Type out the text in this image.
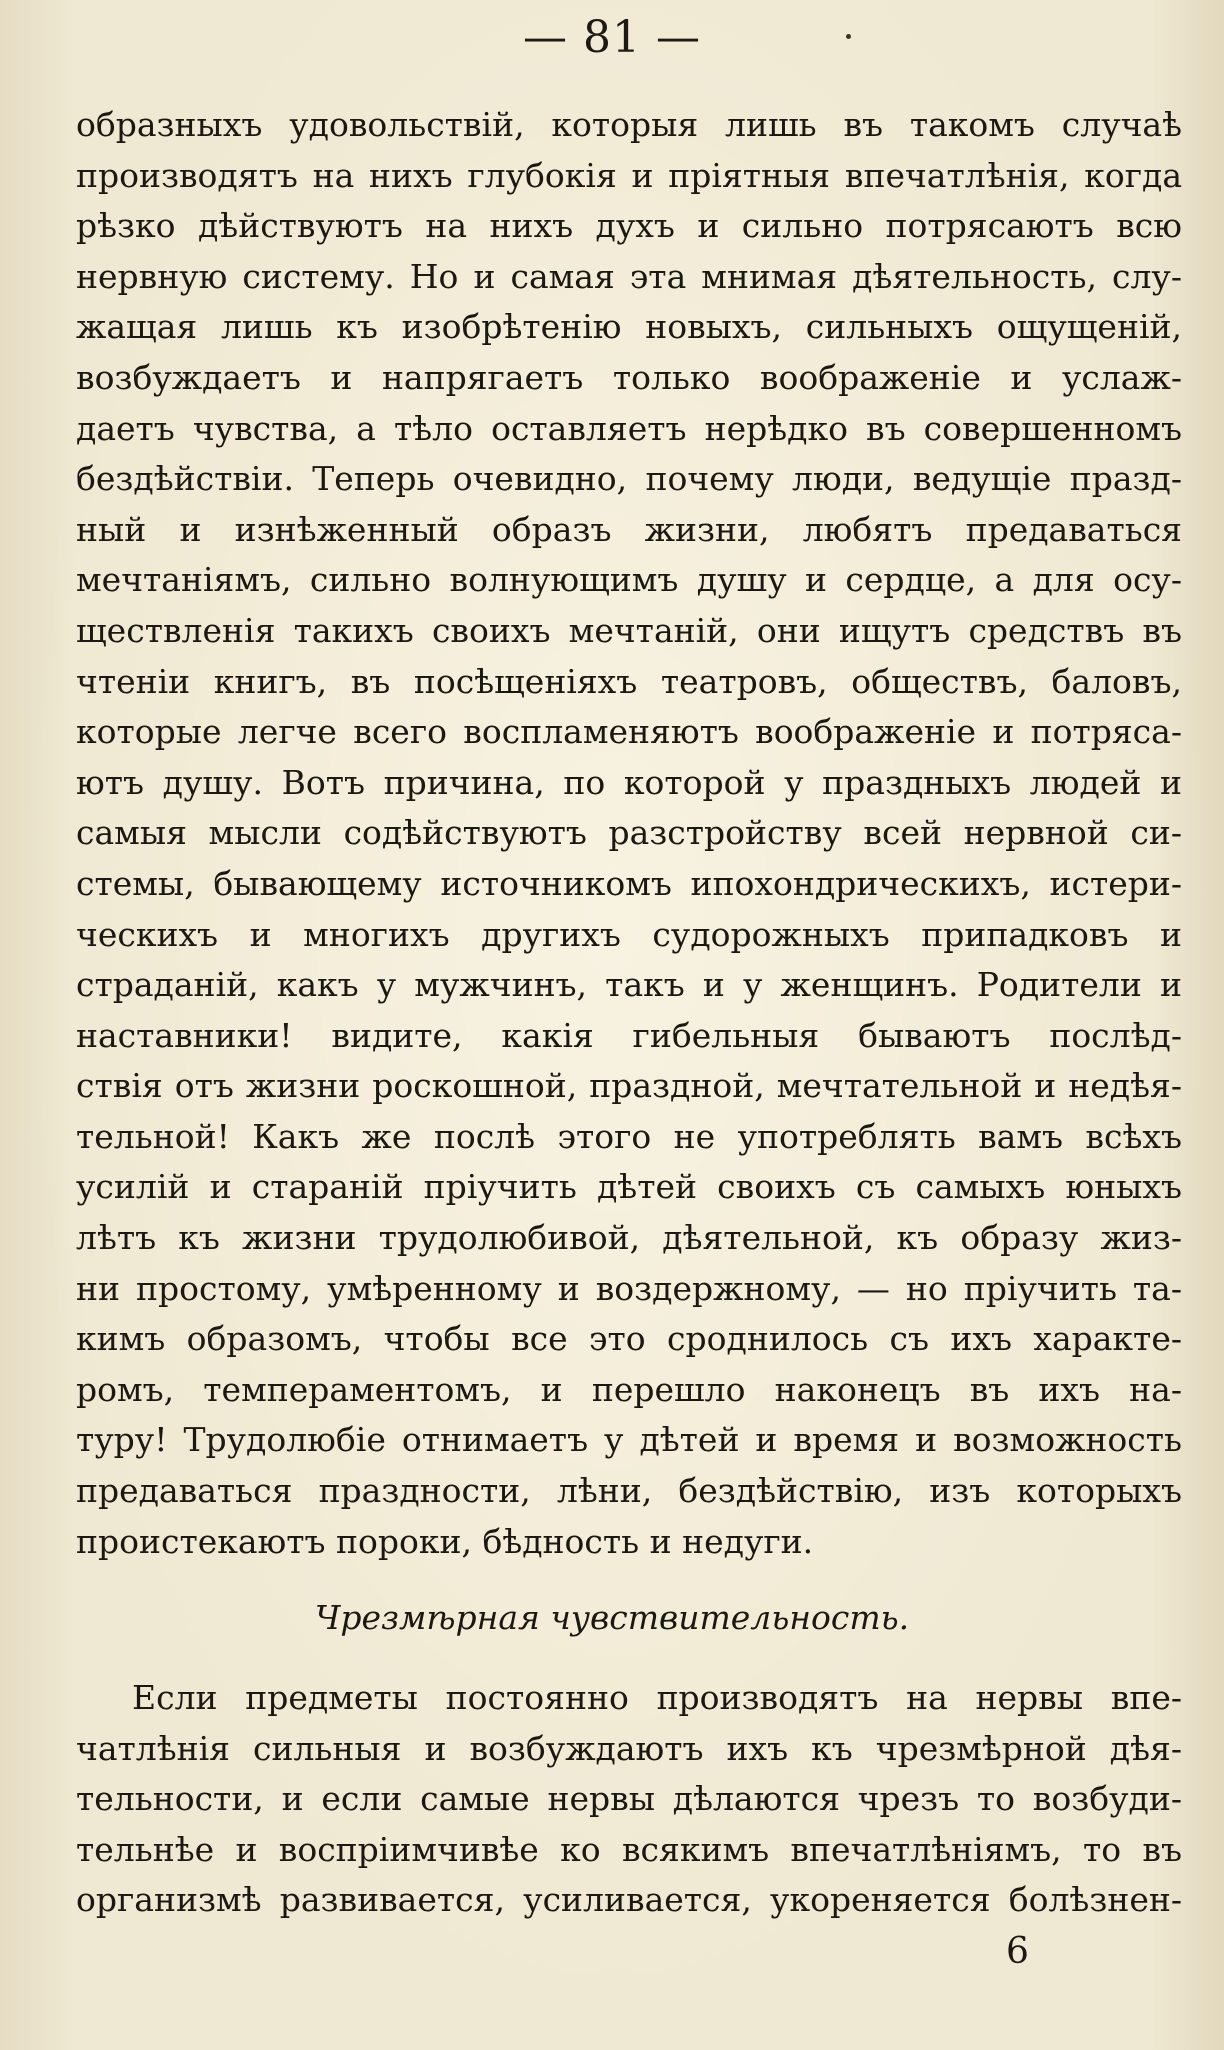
— 81 —
образныхъ удовольствій, которыя лишь въ такомъ случаѣ
производятъ на нихъ глубокія и пріятныя впечатлѣнія, когда
рѣзко дѣйствуютъ на нихъ духъ и сильно потрясаютъ всю
нервную систему. Но и самая эта мнимая дѣятельность, слу-
жащая лишь къ изобрѣтенію новыхъ, сильныхъ ощущеній,
возбуждаетъ и напрягаетъ только воображеніе и услаж-
даетъ чувства, а тѣло оставляетъ нерѣдко въ совершенномъ
бездѣйствіи. Теперь очевидно, почему люди, ведущіе празд-
ный и изнѣженный образъ жизни, любятъ предаваться
мечтаніямъ, сильно волнующимъ душу и сердце, а для осу-
ществленія такихъ своихъ мечтаній, они ищутъ средствъ въ
чтеніи книгъ, въ посѣщеніяхъ театровъ, обществъ, баловъ,
которые легче всего воспламеняютъ воображеніе и потряса-
ютъ душу. Вотъ причина, по которой у праздныхъ людей и
самыя мысли содѣйствуютъ разстройству всей нервной си-
стемы, бывающему источникомъ ипохондрическихъ, истери-
ческихъ и многихъ другихъ судорожныхъ припадковъ и
страданій, какъ у мужчинъ, такъ и у женщинъ. Родители и
наставники! видите, какія гибельныя бываютъ послѣд-
ствія отъ жизни роскошной, праздной, мечтательной и недѣя-
тельной! Какъ же послѣ этого не употреблять вамъ всѣхъ
усилій и стараній пріучить дѣтей своихъ съ самыхъ юныхъ
лѣтъ къ жизни трудолюбивой, дѣятельной, къ образу жиз-
ни простому, умѣренному и воздержному, — но пріучить та-
кимъ образомъ, чтобы все это сроднилось съ ихъ характе-
ромъ, темпераментомъ, и перешло наконецъ въ ихъ на-
туру! Трудолюбіе отнимаетъ у дѣтей и время и возможность
предаваться праздности, лѣни, бездѣйствію, изъ которыхъ
проистекаютъ пороки, бѣдность и недуги.
Чрезмѣрная чувствительность.
Если предметы постоянно производятъ на нервы впе-
чатлѣнія сильныя и возбуждаютъ ихъ къ чрезмѣрной дѣя-
тельности, и если самые нервы дѣлаются чрезъ то возбуди-
тельнѣе и воспріимчивѣе ко всякимъ впечатлѣніямъ, то въ
организмѣ развивается, усиливается, укореняется болѣзнен-
6
